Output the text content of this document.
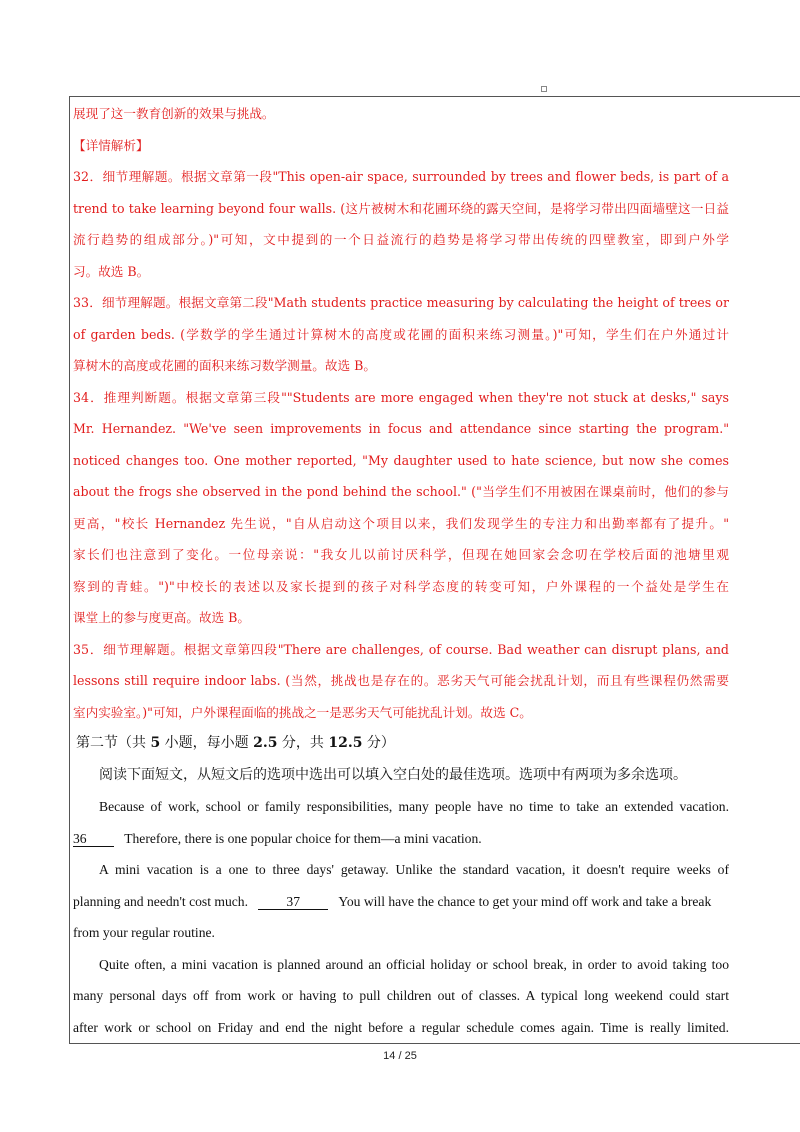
展现了这一教育创新的效果与挑战。
【详情解析】
32．细节理解题。根据文章第一段"This open-air space, surrounded by trees and flower beds, is part of a
trend to take learning beyond four walls. (这片被树木和花圃环绕的露天空间，是将学习带出四面墙壁这一日益
流行趋势的组成部分。)"可知，文中提到的一个日益流行的趋势是将学习带出传统的四壁教室，即到户外学
习。故选 B。
33．细节理解题。根据文章第二段"Math students practice measuring by calculating the height of trees or
of garden beds. (学数学的学生通过计算树木的高度或花圃的面积来练习测量。)"可知，学生们在户外通过计
算树木的高度或花圃的面积来练习数学测量。故选 B。
34．推理判断题。根据文章第三段""Students are more engaged when they're not stuck at desks," says
Mr. Hernandez. "We've seen improvements in focus and attendance since starting the program."
noticed changes too. One mother reported, "My daughter used to hate science, but now she comes
about the frogs she observed in the pond behind the school." ("当学生们不用被困在课桌前时，他们的参与
更高，"校长 Hernandez 先生说，"自从启动这个项目以来，我们发现学生的专注力和出勤率都有了提升。"
家长们也注意到了变化。一位母亲说："我女儿以前讨厌科学，但现在她回家会念叨在学校后面的池塘里观
察到的青蛙。")"中校长的表述以及家长提到的孩子对科学态度的转变可知，户外课程的一个益处是学生在
课堂上的参与度更高。故选 B。
35．细节理解题。根据文章第四段"There are challenges, of course. Bad weather can disrupt plans, and
lessons still require indoor labs. (当然，挑战也是存在的。恶劣天气可能会扰乱计划，而且有些课程仍然需要
室内实验室。)"可知，户外课程面临的挑战之一是恶劣天气可能扰乱计划。故选 C。
第二节（共 5 小题，每小题 2.5 分，共 12.5 分）
阅读下面短文，从短文后的选项中选出可以填入空白处的最佳选项。选项中有两项为多余选项。
Because of work, school or family responsibilities, many people have no time to take an extended vacation.
36	Therefore, there is one popular choice for them—a mini vacation.
A mini vacation is a one to three days' getaway. Unlike the standard vacation, it doesn't require weeks of
planning and needn't cost much.	37	You will have the chance to get your mind off work and take a break
from your regular routine.
Quite often, a mini vacation is planned around an official holiday or school break, in order to avoid taking too
many personal days off from work or having to pull children out of classes. A typical long weekend could start
after work or school on Friday and end the night before a regular schedule comes again. Time is really limited.
14 / 25
